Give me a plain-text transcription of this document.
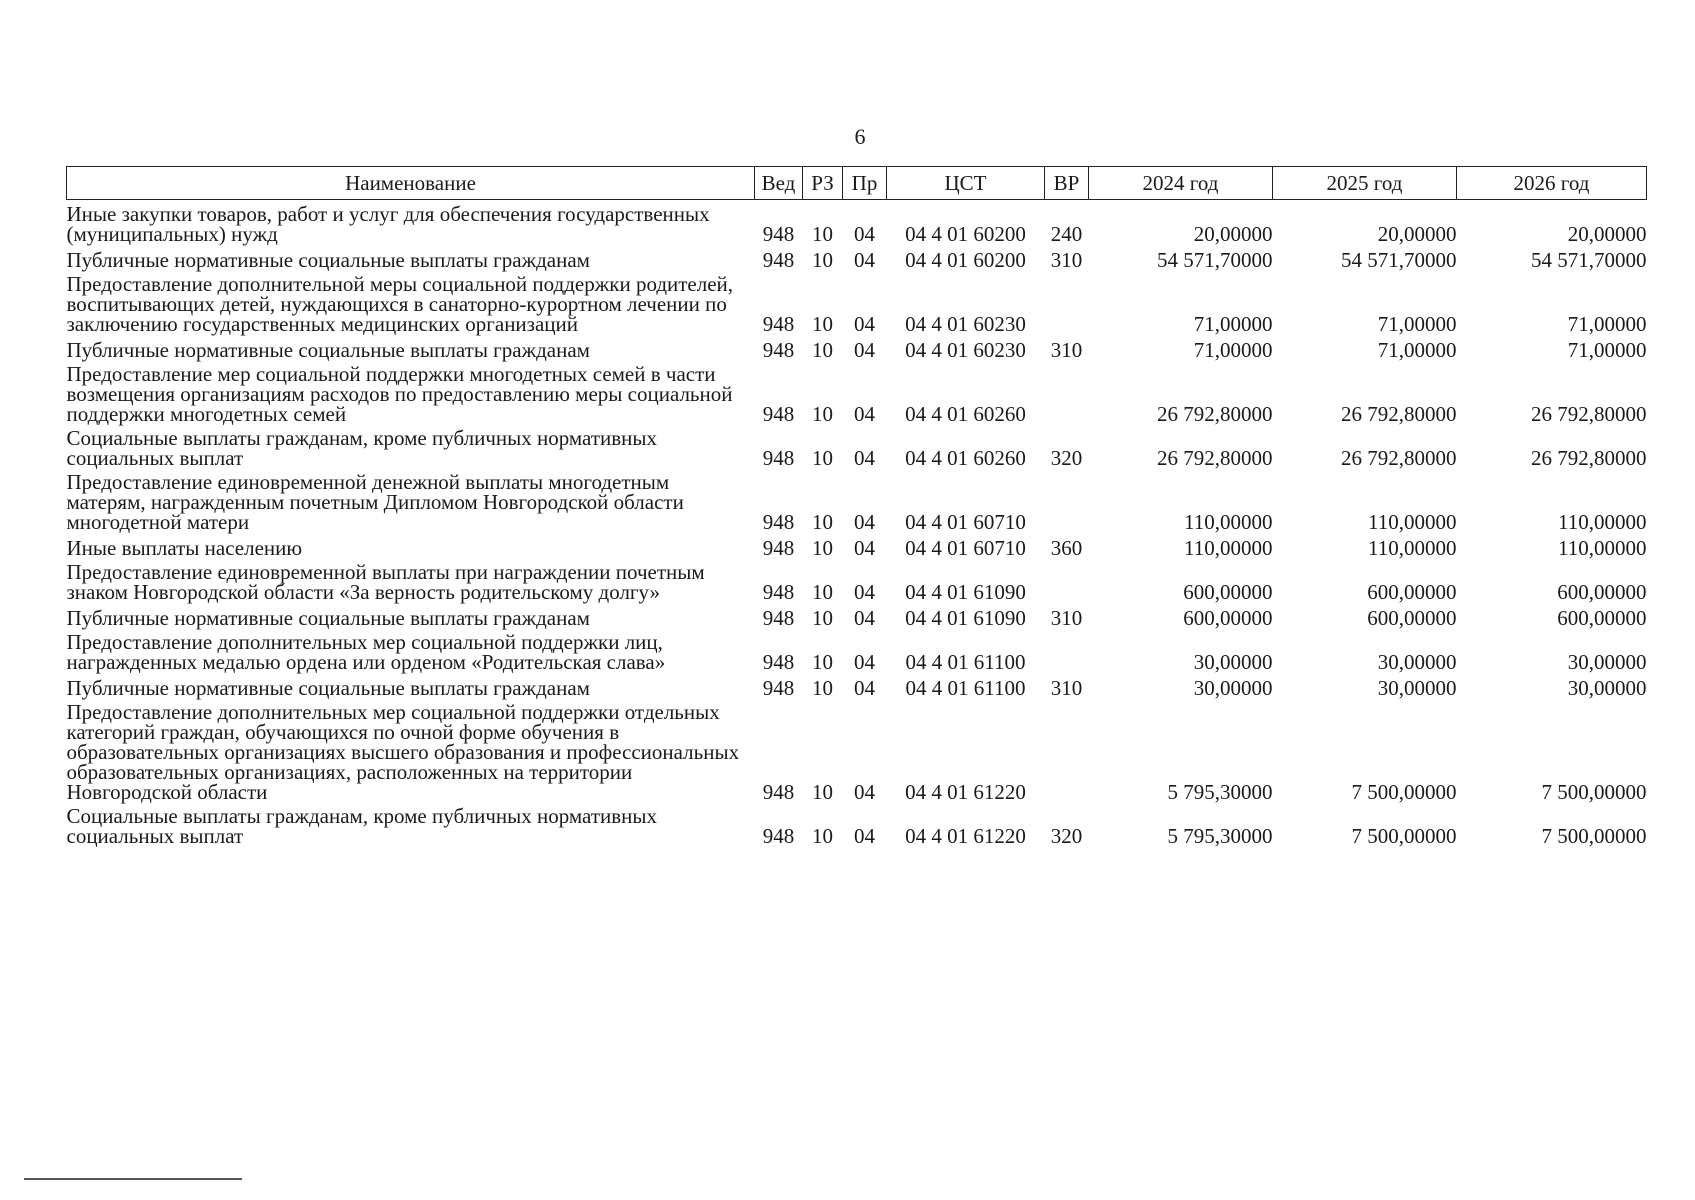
6
Наименование	Вед	РЗ	Пр	ЦСТ	ВР	2024 год	2025 год	2026 год
Иные закупки товаров, работ и услуг для обеспечения государственных (муниципальных) нужд	948	10	04	04 4 01 60200	240	20,00000	20,00000	20,00000
Публичные нормативные социальные выплаты гражданам	948	10	04	04 4 01 60200	310	54 571,70000	54 571,70000	54 571,70000
Предоставление дополнительной меры социальной поддержки родителей, воспитывающих детей, нуждающихся в санаторно-курортном лечении по заключению государственных медицинских организаций	948	10	04	04 4 01 60230		71,00000	71,00000	71,00000
Публичные нормативные социальные выплаты гражданам	948	10	04	04 4 01 60230	310	71,00000	71,00000	71,00000
Предоставление мер социальной поддержки многодетных семей в части возмещения организациям расходов по предоставлению меры социальной поддержки многодетных семей	948	10	04	04 4 01 60260		26 792,80000	26 792,80000	26 792,80000
Социальные выплаты гражданам, кроме публичных нормативных социальных выплат	948	10	04	04 4 01 60260	320	26 792,80000	26 792,80000	26 792,80000
Предоставление единовременной денежной выплаты многодетным матерям, награжденным почетным Дипломом Новгородской области многодетной матери	948	10	04	04 4 01 60710		110,00000	110,00000	110,00000
Иные выплаты населению	948	10	04	04 4 01 60710	360	110,00000	110,00000	110,00000
Предоставление единовременной выплаты при награждении почетным знаком Новгородской области «За верность родительскому долгу»	948	10	04	04 4 01 61090		600,00000	600,00000	600,00000
Публичные нормативные социальные выплаты гражданам	948	10	04	04 4 01 61090	310	600,00000	600,00000	600,00000
Предоставление дополнительных мер социальной поддержки лиц, награжденных медалью ордена или орденом «Родительская слава»	948	10	04	04 4 01 61100		30,00000	30,00000	30,00000
Публичные нормативные социальные выплаты гражданам	948	10	04	04 4 01 61100	310	30,00000	30,00000	30,00000
Предоставление дополнительных мер социальной поддержки отдельных категорий граждан, обучающихся по очной форме обучения в образовательных организациях высшего образования и профессиональных образовательных организациях, расположенных на территории Новгородской области	948	10	04	04 4 01 61220		5 795,30000	7 500,00000	7 500,00000
Социальные выплаты гражданам, кроме публичных нормативных социальных выплат	948	10	04	04 4 01 61220	320	5 795,30000	7 500,00000	7 500,00000
